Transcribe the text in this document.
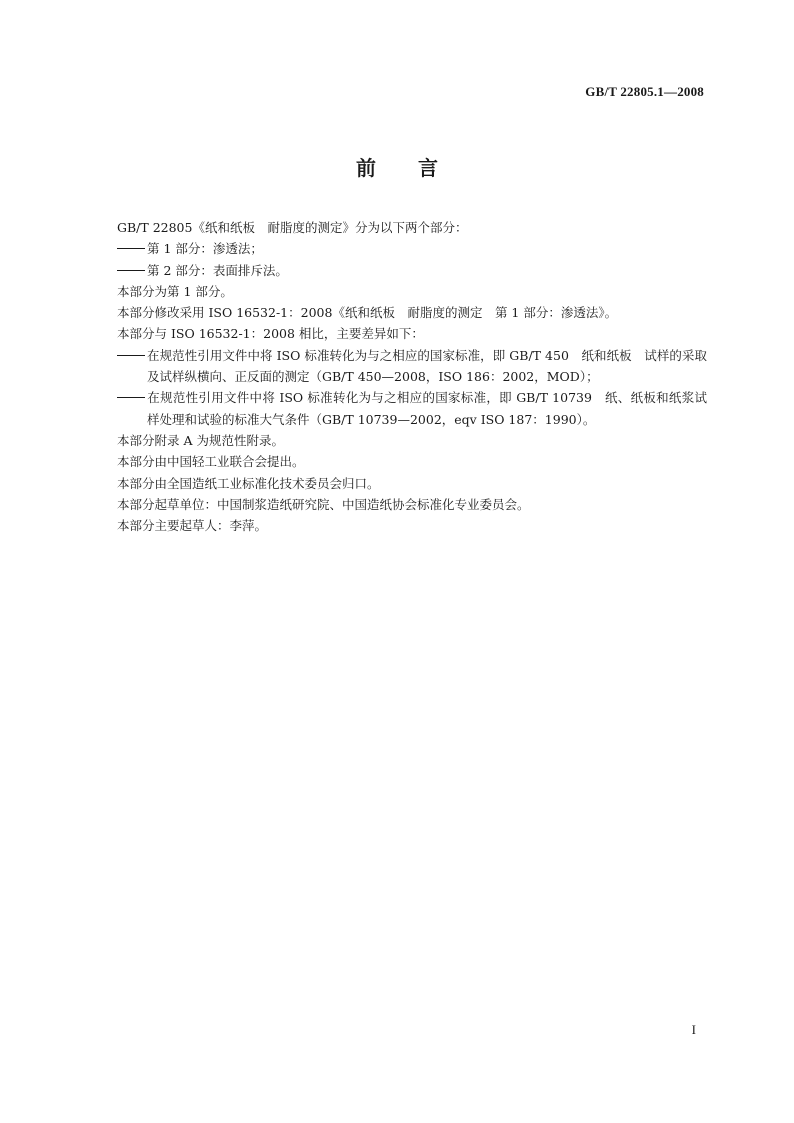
GB/T 22805.1—2008
前言

GB/T 22805《纸和纸板　耐脂度的测定》分为以下两个部分：

第 1 部分：渗透法；

第 2 部分：表面排斥法。

本部分为第 1 部分。

本部分修改采用 ISO 16532-1：2008《纸和纸板　耐脂度的测定　第 1 部分：渗透法》。

本部分与 ISO 16532-1：2008 相比，主要差异如下：

在规范性引用文件中将 ISO 标准转化为与之相应的国家标准，即 GB/T 450　纸和纸板　试样的采取及试样纵横向、正反面的测定（GB/T 450—2008，ISO 186：2002，MOD）；

在规范性引用文件中将 ISO 标准转化为与之相应的国家标准，即 GB/T 10739　纸、纸板和纸浆试样处理和试验的标准大气条件（GB/T 10739—2002，eqv ISO 187：1990）。

本部分附录 A 为规范性附录。

本部分由中国轻工业联合会提出。

本部分由全国造纸工业标准化技术委员会归口。

本部分起草单位：中国制浆造纸研究院、中国造纸协会标准化专业委员会。

本部分主要起草人：李萍。

I
